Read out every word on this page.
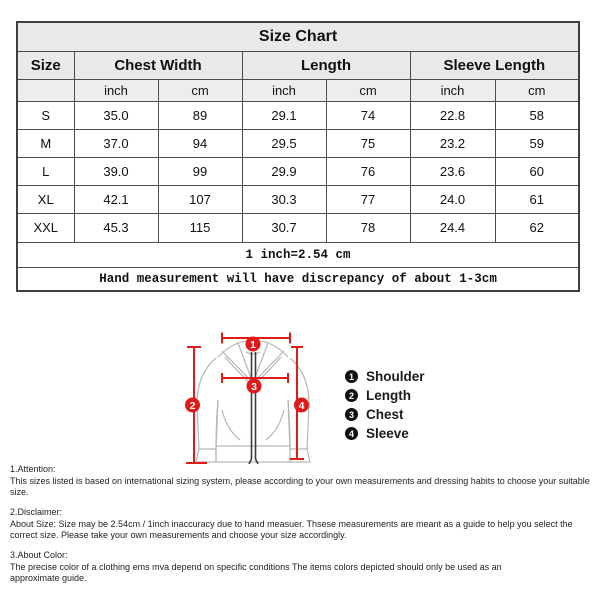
Size Chart						
Size	Chest Width		Length		Sleeve Length	
	inch	cm	inch	cm	inch	cm
S	35.0	89	29.1	74	22.8	58
M	37.0	94	29.5	75	23.2	59
L	39.0	99	29.9	76	23.6	60
XL	42.1	107	30.3	77	24.0	61
XXL	45.3	115	30.7	78	24.4	62
1 inch=2.54 cm						
Hand measurement will have discrepancy of about 1-3cm						
1
2
3
4
1 Shoulder
2 Length
3 Chest
4 Sleeve
1.Attention:
This sizes listed is based on international sizing system, please according to your own measurements and dressing habits to choose your suitable size.
2.Disclaimer:
About Size: Size may be 2.54cm / 1inch inaccuracy due to hand measuer. Thsese measurements are meant as a guide to help you select the correct size. Please take your own measurements and choose your size accordingly.
3.About Color:
The precise color of a clothing ems mva depend on specific conditions The items colors depicted should only be used as an approximate guide.
